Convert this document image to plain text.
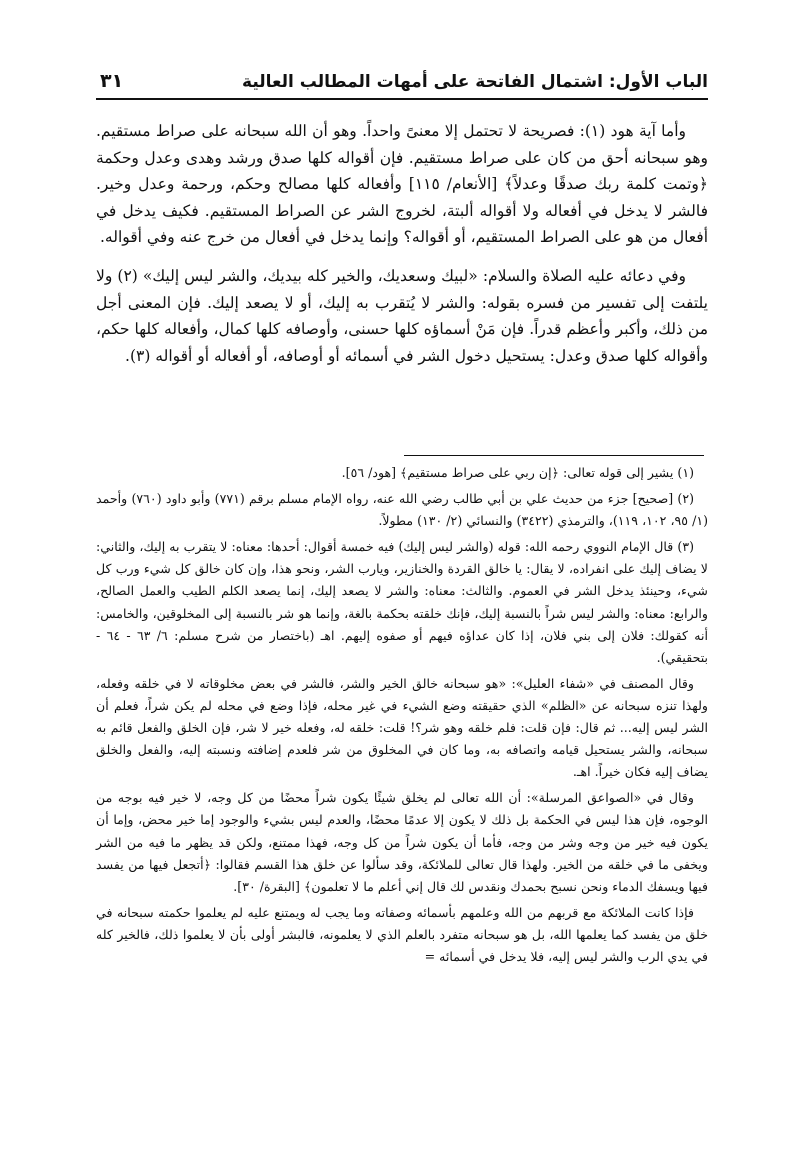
الباب الأول: اشتمال الفاتحة على أمهات المطالب العالية
٣١

وأما آية هود (١): فصريحة لا تحتمل إلا معنىً واحداً. وهو أن الله سبحانه على صراط مستقيم. وهو سبحانه أحق من كان على صراط مستقيم. فإن أقواله كلها صدق ورشد وهدى وعدل وحكمة ﴿وتمت كلمة ربك صدقًا وعدلاً﴾ [الأنعام/ ١١٥] وأفعاله كلها مصالح وحكم، ورحمة وعدل وخير. فالشر لا يدخل في أفعاله ولا أقواله ألبتة، لخروج الشر عن الصراط المستقيم. فكيف يدخل في أفعال من هو على الصراط المستقيم، أو أقواله؟ وإنما يدخل في أفعال من خرج عنه وفي أقواله.

وفي دعائه عليه الصلاة والسلام: «لبيك وسعديك، والخير كله بيديك، والشر ليس إليك» (٢) ولا يلتفت إلى تفسير من فسره بقوله: والشر لا يُتقرب به إليك، أو لا يصعد إليك. فإن المعنى أجل من ذلك، وأكبر وأعظم قدراً. فإن مَنْ أسماؤه كلها حسنى، وأوصافه كلها كمال، وأفعاله كلها حكم، وأقواله كلها صدق وعدل: يستحيل دخول الشر في أسمائه أو أوصافه، أو أفعاله أو أقواله (٣).

(١) يشير إلى قوله تعالى: ﴿إن ربي على صراط مستقيم﴾ [هود/ ٥٦].

(٢) [صحيح] جزء من حديث علي بن أبي طالب رضي الله عنه، رواه الإمام مسلم برقم (٧٧١) وأبو داود (٧٦٠) وأحمد (١/ ٩٥، ١٠٢، ١١٩)، والترمذي (٣٤٢٢) والنسائي (٢/ ١٣٠) مطولاً.

(٣) قال الإمام النووي رحمه الله: قوله (والشر ليس إليك) فيه خمسة أقوال: أحدها: معناه: لا يتقرب به إليك، والثاني: لا يضاف إليك على انفراده، لا يقال: يا خالق القردة والخنازير، ويارب الشر، ونحو هذا، وإن كان خالق كل شيء ورب كل شيء، وحينئذ يدخل الشر في العموم. والثالث: معناه: والشر لا يصعد إليك، إنما يصعد الكلم الطيب والعمل الصالح، والرابع: معناه: والشر ليس شراً بالنسبة إليك، فإنك خلقته بحكمة بالغة، وإنما هو شر بالنسبة إلى المخلوقين، والخامس: أنه كقولك: فلان إلى بني فلان، إذا كان عداؤه فيهم أو صفوه إليهم. اهـ (باختصار من شرح مسلم: ٦/ ٦٣ - ٦٤ - بتحقيقي).

وقال المصنف في «شفاء العليل»: «هو سبحانه خالق الخير والشر، فالشر في بعض مخلوقاته لا في خلقه وفعله، ولهذا تنزه سبحانه عن «الظلم» الذي حقيقته وضع الشيء في غير محله، فإذا وضع في محله لم يكن شراً، فعلم أن الشر ليس إليه... ثم قال: فإن قلت: فلم خلقه وهو شر؟! قلت: خلقه له، وفعله خير لا شر، فإن الخلق والفعل قائم به سبحانه، والشر يستحيل قيامه واتصافه به، وما كان في المخلوق من شر فلعدم إضافته ونسبته إليه، والفعل والخلق يضاف إليه فكان خيراً. اهـ.

وقال في «الصواعق المرسلة»: أن الله تعالى لم يخلق شيئًا يكون شراً محضًا من كل وجه، لا خير فيه بوجه من الوجوه، فإن هذا ليس في الحكمة بل ذلك لا يكون إلا عدمًا محضًا، والعدم ليس بشيء والوجود إما خير محض، وإما أن يكون فيه خير من وجه وشر من وجه، فأما أن يكون شراً من كل وجه، فهذا ممتنع، ولكن قد يظهر ما فيه من الشر ويخفى ما في خلقه من الخير. ولهذا قال تعالى للملائكة، وقد سألوا عن خلق هذا القسم فقالوا: ﴿أتجعل فيها من يفسد فيها ويسفك الدماء ونحن نسبح بحمدك ونقدس لك قال إني أعلم ما لا تعلمون﴾ [البقرة/ ٣٠].

فإذا كانت الملائكة مع قربهم من الله وعلمهم بأسمائه وصفاته وما يجب له ويمتنع عليه لم يعلموا حكمته سبحانه في خلق من يفسد كما يعلمها الله، بل هو سبحانه متفرد بالعلم الذي لا يعلمونه، فالبشر أولى بأن لا يعلموا ذلك، فالخير كله في يدي الرب والشر ليس إليه، فلا يدخل في أسمائه =
